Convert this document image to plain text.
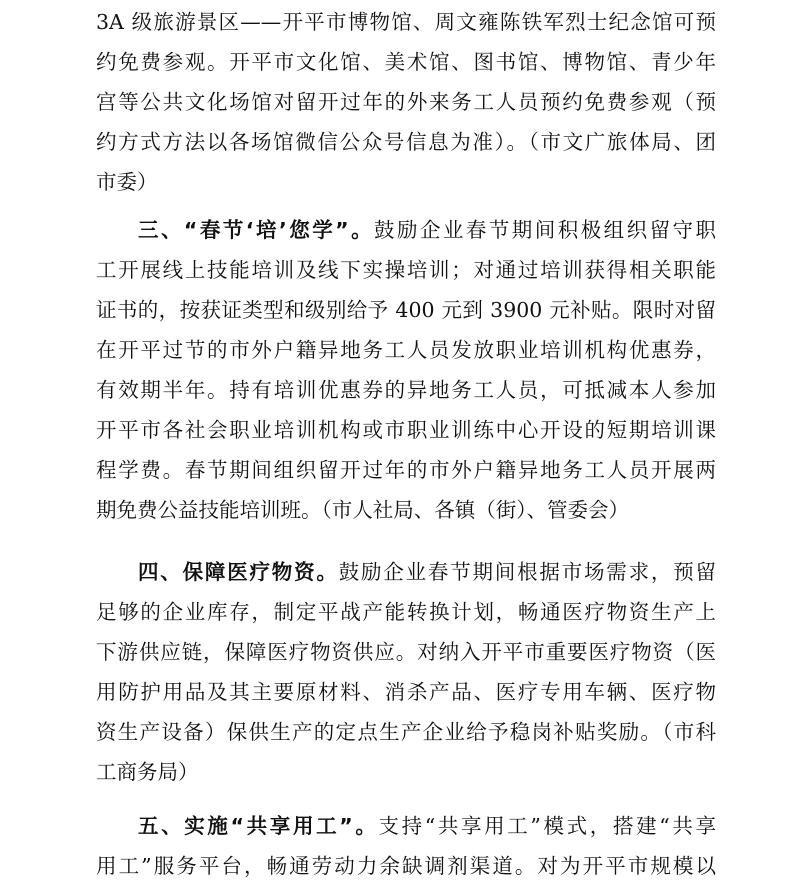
3A 级旅游景区——开平市博物馆、周文雍陈铁军烈士纪念馆可预
约免费参观。开平市文化馆、美术馆、图书馆、博物馆、青少年
宫等公共文化场馆对留开过年的外来务工人员预约免费参观（预
约方式方法以各场馆微信公众号信息为准）。（市文广旅体局、团
市委）
三、“春节‘培’您学”。鼓励企业春节期间积极组织留守职
工开展线上技能培训及线下实操培训；对通过培训获得相关职能
证书的，按获证类型和级别给予 400 元到 3900 元补贴。限时对留
在开平过节的市外户籍异地务工人员发放职业培训机构优惠券，
有效期半年。持有培训优惠券的异地务工人员，可抵减本人参加
开平市各社会职业培训机构或市职业训练中心开设的短期培训课
程学费。春节期间组织留开过年的市外户籍异地务工人员开展两
期免费公益技能培训班。（市人社局、各镇（街）、管委会）
四、保障医疗物资。鼓励企业春节期间根据市场需求，预留
足够的企业库存，制定平战产能转换计划，畅通医疗物资生产上
下游供应链，保障医疗物资供应。对纳入开平市重要医疗物资（医
用防护用品及其主要原材料、消杀产品、医疗专用车辆、医疗物
资生产设备）保供生产的定点生产企业给予稳岗补贴奖励。（市科
工商务局）
五、实施“共享用工”。支持“共享用工”模式，搭建“共享
用工”服务平台，畅通劳动力余缺调剂渠道。对为开平市规模以
